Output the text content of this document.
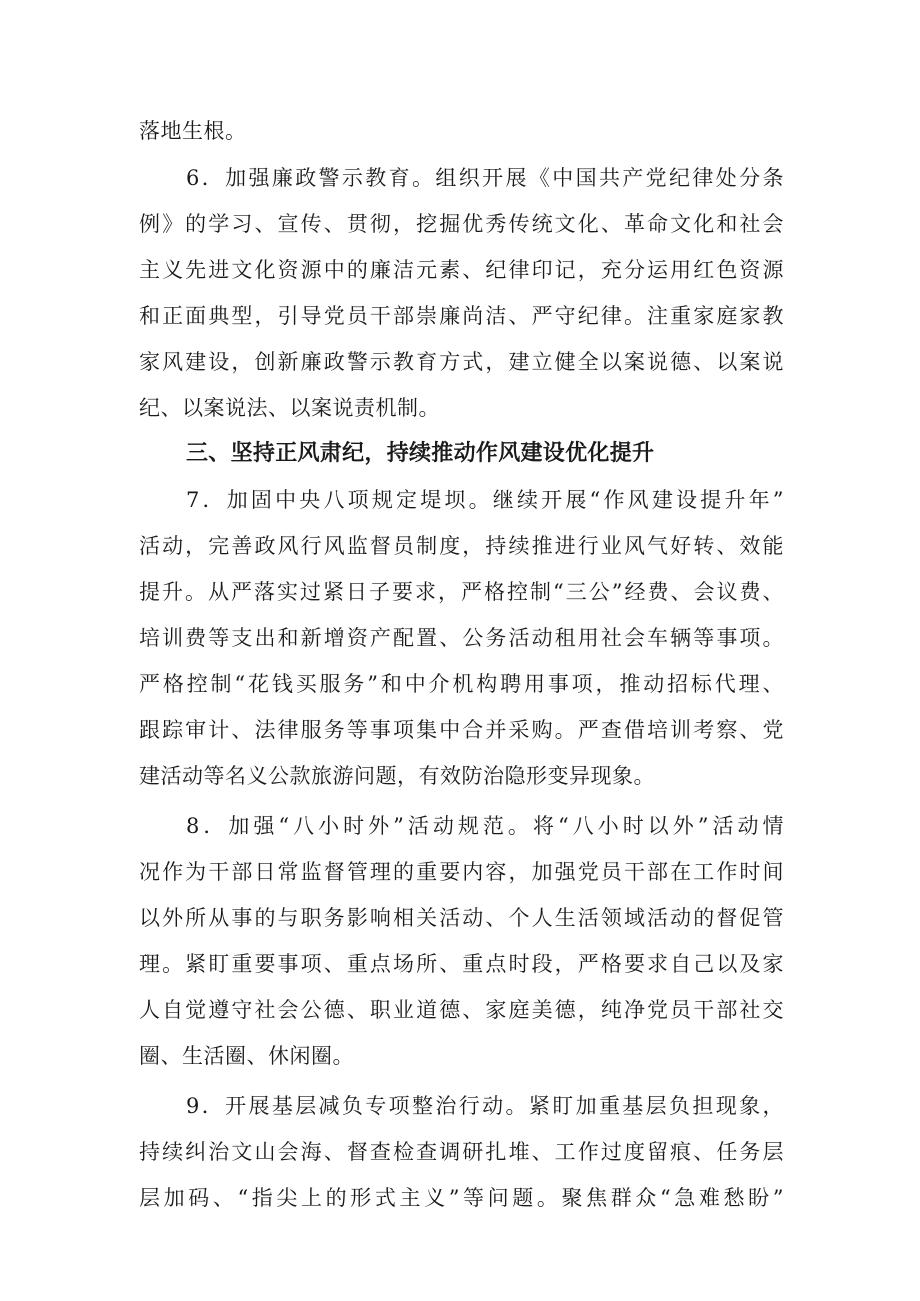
落地生根。
6．加强廉政警示教育。组织开展《中国共产党纪律处分条
例》的学习、宣传、贯彻，挖掘优秀传统文化、革命文化和社会
主义先进文化资源中的廉洁元素、纪律印记，充分运用红色资源
和正面典型，引导党员干部崇廉尚洁、严守纪律。注重家庭家教
家风建设，创新廉政警示教育方式，建立健全以案说德、以案说
纪、以案说法、以案说责机制。
三、坚持正风肃纪，持续推动作风建设优化提升
7．加固中央八项规定堤坝。继续开展“作风建设提升年”
活动，完善政风行风监督员制度，持续推进行业风气好转、效能
提升。从严落实过紧日子要求，严格控制“三公”经费、会议费、
培训费等支出和新增资产配置、公务活动租用社会车辆等事项。
严格控制“花钱买服务”和中介机构聘用事项，推动招标代理、
跟踪审计、法律服务等事项集中合并采购。严查借培训考察、党
建活动等名义公款旅游问题，有效防治隐形变异现象。
8．加强“八小时外”活动规范。将“八小时以外”活动情
况作为干部日常监督管理的重要内容，加强党员干部在工作时间
以外所从事的与职务影响相关活动、个人生活领域活动的督促管
理。紧盯重要事项、重点场所、重点时段，严格要求自己以及家
人自觉遵守社会公德、职业道德、家庭美德，纯净党员干部社交
圈、生活圈、休闲圈。
9．开展基层减负专项整治行动。紧盯加重基层负担现象，
持续纠治文山会海、督查检查调研扎堆、工作过度留痕、任务层
层加码、“指尖上的形式主义”等问题。聚焦群众“急难愁盼”
